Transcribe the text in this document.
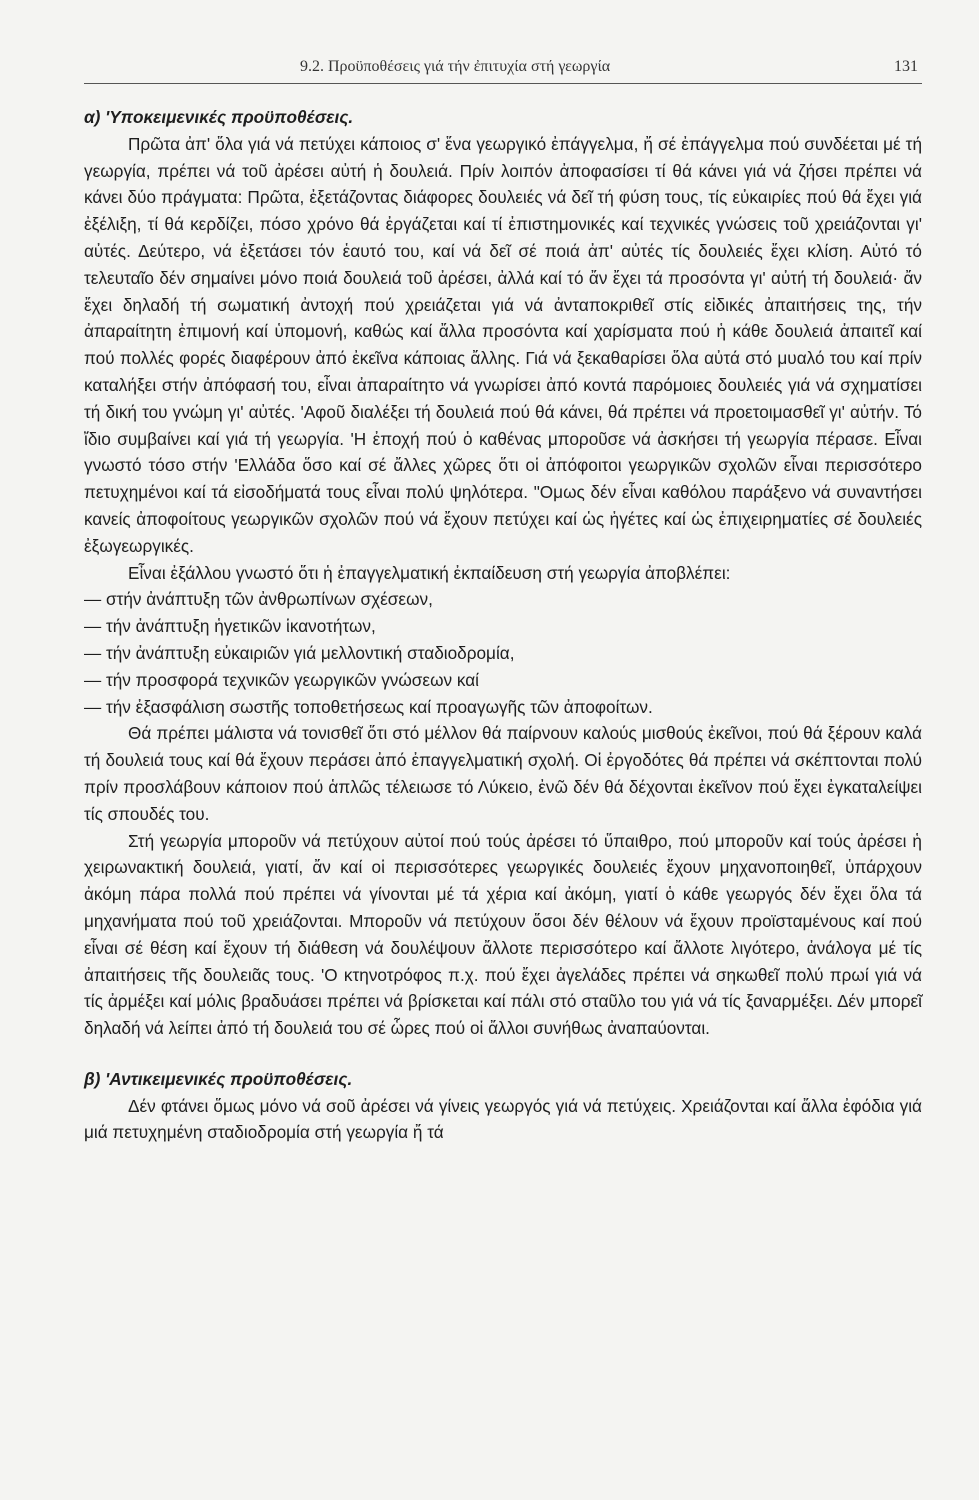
9.2. Προϋποθέσεις γιά τήν ἐπιτυχία στή γεωργία	131
α) 'Υποκειμενικές προϋποθέσεις.

Πρῶτα ἀπ' ὅλα γιά νά πετύχει κάποιος σ' ἕνα γεωργικό ἐπάγγελμα, ἤ σέ ἐπάγγελμα πού συνδέεται μέ τή γεωργία, πρέπει νά τοῦ ἀρέσει αὐτή ἡ δουλειά. Πρίν λοιπόν ἀποφασίσει τί θά κάνει γιά νά ζήσει πρέπει νά κάνει δύο πράγματα: Πρῶτα, ἐξετάζοντας διάφορες δουλειές νά δεῖ τή φύση τους, τίς εὐκαιρίες πού θά ἔχει γιά ἐξέλιξη, τί θά κερδίζει, πόσο χρόνο θά ἐργάζεται καί τί ἐπιστημονικές καί τεχνικές γνώσεις τοῦ χρειάζονται γι' αὐτές. Δεύτερο, νά ἐξετάσει τόν ἑαυτό του, καί νά δεῖ σέ ποιά ἀπ' αὐτές τίς δουλειές ἔχει κλίση. Αὐτό τό τελευταῖο δέν σημαίνει μόνο ποιά δουλειά τοῦ ἀρέσει, ἀλλά καί τό ἄν ἔχει τά προσόντα γι' αὐτή τή δουλειά· ἄν ἔχει δηλαδή τή σωματική ἀντοχή πού χρειάζεται γιά νά ἀνταποκριθεῖ στίς εἰδικές ἀπαιτήσεις της, τήν ἀπαραίτητη ἐπιμονή καί ὑπομονή, καθώς καί ἄλλα προσόντα καί χαρίσματα πού ἡ κάθε δουλειά ἀπαιτεῖ καί πού πολλές φορές διαφέρουν ἀπό ἐκεῖνα κάποιας ἄλλης. Γιά νά ξεκαθαρίσει ὅλα αὐτά στό μυαλό του καί πρίν καταλήξει στήν ἀπόφασή του, εἶναι ἀπαραίτητο νά γνωρίσει ἀπό κοντά παρόμοιες δουλειές γιά νά σχηματίσει τή δική του γνώμη γι' αὐτές. 'Αφοῦ διαλέξει τή δουλειά πού θά κάνει, θά πρέπει νά προετοιμασθεῖ γι' αὐτήν. Τό ἴδιο συμβαίνει καί γιά τή γεωργία. 'Η ἐποχή πού ὁ καθένας μποροῦσε νά ἀσκήσει τή γεωργία πέρασε. Εἶναι γνωστό τόσο στήν 'Ελλάδα ὅσο καί σέ ἄλλες χῶρες ὅτι οἱ ἀπόφοιτοι γεωργικῶν σχολῶν εἶναι περισσότερο πετυχημένοι καί τά εἰσοδήματά τους εἶναι πολύ ψηλότερα. "Ομως δέν εἶναι καθόλου παράξενο νά συναντήσει κανείς ἀποφοίτους γεωργικῶν σχολῶν πού νά ἔχουν πετύχει καί ὡς ἡγέτες καί ὡς ἐπιχειρηματίες σέ δουλειές ἐξωγεωργικές.

Εἶναι ἐξάλλου γνωστό ὅτι ἡ ἐπαγγελματική ἐκπαίδευση στή γεωργία ἀποβλέπει:

— στήν ἀνάπτυξη τῶν ἀνθρωπίνων σχέσεων,
— τήν ἀνάπτυξη ἡγετικῶν ἱκανοτήτων,
— τήν ἀνάπτυξη εὐκαιριῶν γιά μελλοντική σταδιοδρομία,
— τήν προσφορά τεχνικῶν γεωργικῶν γνώσεων καί
— τήν ἐξασφάλιση σωστῆς τοποθετήσεως καί προαγωγῆς τῶν ἀποφοίτων.

Θά πρέπει μάλιστα νά τονισθεῖ ὅτι στό μέλλον θά παίρνουν καλούς μισθούς ἐκεῖνοι, πού θά ξέρουν καλά τή δουλειά τους καί θά ἔχουν περάσει ἀπό ἐπαγγελματική σχολή. Οἱ ἐργοδότες θά πρέπει νά σκέπτονται πολύ πρίν προσλάβουν κάποιον πού ἁπλῶς τέλειωσε τό Λύκειο, ἐνῶ δέν θά δέχονται ἐκεῖνον πού ἔχει ἐγκαταλείψει τίς σπουδές του.

Στή γεωργία μποροῦν νά πετύχουν αὐτοί πού τούς ἀρέσει τό ὕπαιθρο, πού μποροῦν καί τούς ἀρέσει ἡ χειρωνακτική δουλειά, γιατί, ἄν καί οἱ περισσότερες γεωργικές δουλειές ἔχουν μηχανοποιηθεῖ, ὑπάρχουν ἀκόμη πάρα πολλά πού πρέπει νά γίνονται μέ τά χέρια καί ἀκόμη, γιατί ὁ κάθε γεωργός δέν ἔχει ὅλα τά μηχανήματα πού τοῦ χρειάζονται. Μποροῦν νά πετύχουν ὅσοι δέν θέλουν νά ἔχουν προϊσταμένους καί πού εἶναι σέ θέση καί ἔχουν τή διάθεση νά δουλέψουν ἄλλοτε περισσότερο καί ἄλλοτε λιγότερο, ἀνάλογα μέ τίς ἀπαιτήσεις τῆς δουλειᾶς τους. 'Ο κτηνοτρόφος π.χ. πού ἔχει ἀγελάδες πρέπει νά σηκωθεῖ πολύ πρωί γιά νά τίς ἀρμέξει καί μόλις βραδυάσει πρέπει νά βρίσκεται καί πάλι στό σταῦλο του γιά νά τίς ξαναρμέξει. Δέν μπορεῖ δηλαδή νά λείπει ἀπό τή δουλειά του σέ ὧρες πού οἱ ἄλλοι συνήθως ἀναπαύονται.

β) 'Αντικειμενικές προϋποθέσεις.

Δέν φτάνει ὅμως μόνο νά σοῦ ἀρέσει νά γίνεις γεωργός γιά νά πετύχεις. Χρειάζονται καί ἄλλα ἐφόδια γιά μιά πετυχημένη σταδιοδρομία στή γεωργία ἤ τά
